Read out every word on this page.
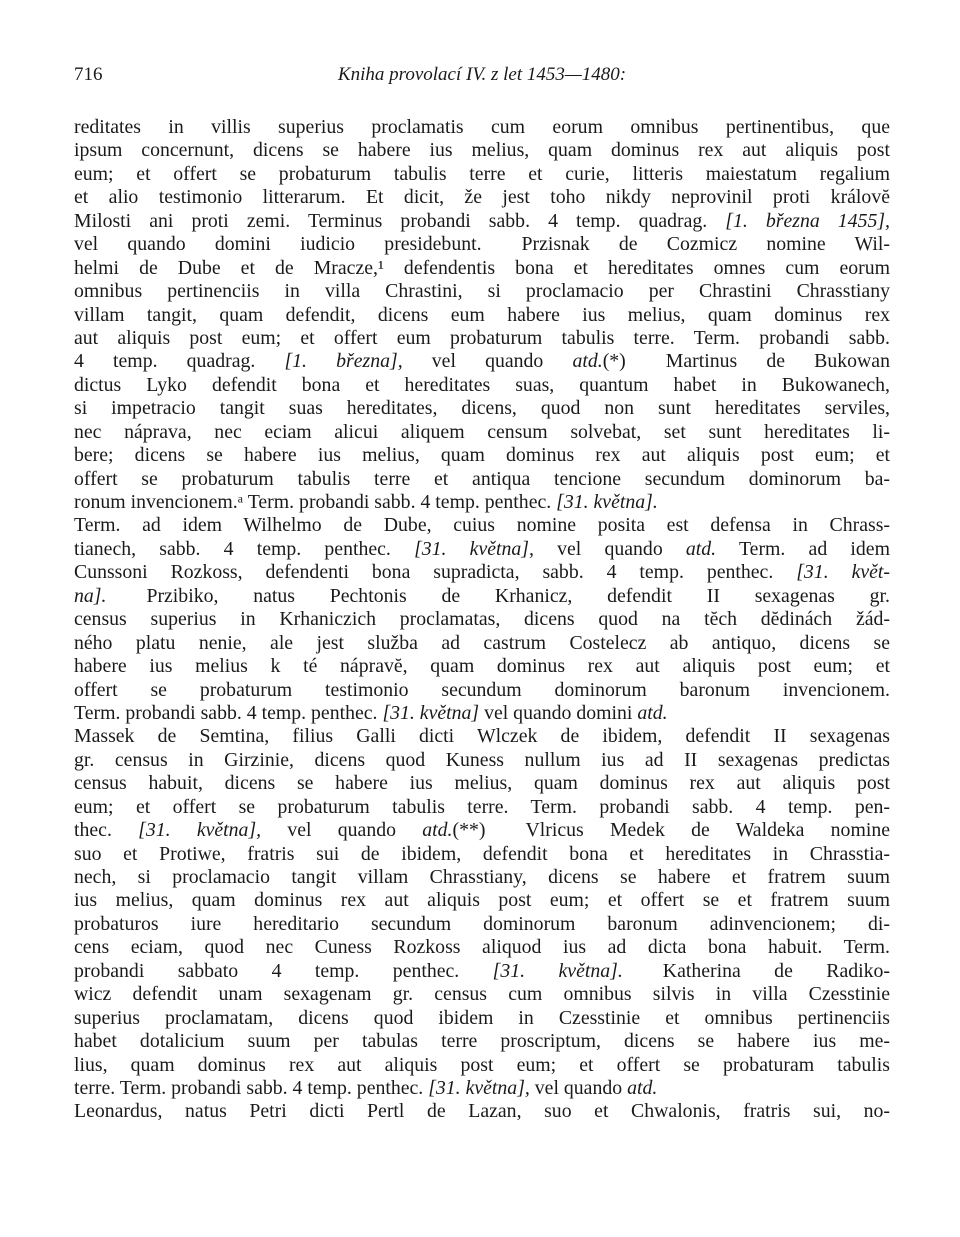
716	Kniha provolací IV. z let 1453—1480:
reditates in villis superius proclamatis cum eorum omnibus pertinentibus, que
ipsum concernunt, dicens se habere ius melius, quam dominus rex aut aliquis post
eum; et offert se probaturum tabulis terre et curie, litteris maiestatum regalium
et alio testimonio litterarum. Et dicit, že jest toho nikdy neprovinil proti královĕ
Milosti ani proti zemi. Terminus probandi sabb. 4 temp. quadrag. [1. března 1455],
vel quando domini iudicio presidebunt. Przisnak de Cozmicz nomine Wil-
helmi de Dube et de Mracze,¹ defendentis bona et hereditates omnes cum eorum
omnibus pertinenciis in villa Chrastini, si proclamacio per Chrastini Chrasstiany
villam tangit, quam defendit, dicens eum habere ius melius, quam dominus rex
aut aliquis post eum; et offert eum probaturum tabulis terre. Term. probandi sabb.
4 temp. quadrag. [1. března], vel quando atd.(*) Martinus de Bukowan
dictus Lyko defendit bona et hereditates suas, quantum habet in Bukowanech,
si impetracio tangit suas hereditates, dicens, quod non sunt hereditates serviles,
nec náprava, nec eciam alicui aliquem censum solvebat, set sunt hereditates li-
bere; dicens se habere ius melius, quam dominus rex aut aliquis post eum; et
offert se probaturum tabulis terre et antiqua tencione secundum dominorum ba-
ronum invencionem.ᵃ Term. probandi sabb. 4 temp. penthec. [31. května].
Term. ad idem Wilhelmo de Dube, cuius nomine posita est defensa in Chrass-
tianech, sabb. 4 temp. penthec. [31. května], vel quando atd. Term. ad idem
Cunssoni Rozkoss, defendenti bona supradicta, sabb. 4 temp. penthec. [31. květ-
na]. Przibiko, natus Pechtonis de Krhanicz, defendit II sexagenas gr.
census superius in Krhaniczich proclamatas, dicens quod na tĕch dĕdinách žád-
ného platu nenie, ale jest služba ad castrum Costelecz ab antiquo, dicens se
habere ius melius k té nápravĕ, quam dominus rex aut aliquis post eum; et
offert se probaturum testimonio secundum dominorum baronum invencionem.
Term. probandi sabb. 4 temp. penthec. [31. května] vel quando domini atd.
Massek de Semtina, filius Galli dicti Wlczek de ibidem, defendit II sexagenas
gr. census in Girzinie, dicens quod Kuness nullum ius ad II sexagenas predictas
census habuit, dicens se habere ius melius, quam dominus rex aut aliquis post
eum; et offert se probaturum tabulis terre. Term. probandi sabb. 4 temp. pen-
thec. [31. května], vel quando atd.(**) Vlricus Medek de Waldeka nomine
suo et Protiwe, fratris sui de ibidem, defendit bona et hereditates in Chrasstia-
nech, si proclamacio tangit villam Chrasstiany, dicens se habere et fratrem suum
ius melius, quam dominus rex aut aliquis post eum; et offert se et fratrem suum
probaturos iure hereditario secundum dominorum baronum adinvencionem; di-
cens eciam, quod nec Cuness Rozkoss aliquod ius ad dicta bona habuit. Term.
probandi sabbato 4 temp. penthec. [31. května]. Katherina de Radiko-
wicz defendit unam sexagenam gr. census cum omnibus silvis in villa Czesstinie
superius proclamatam, dicens quod ibidem in Czesstinie et omnibus pertinenciis
habet dotalicium suum per tabulas terre proscriptum, dicens se habere ius me-
lius, quam dominus rex aut aliquis post eum; et offert se probaturam tabulis
terre. Term. probandi sabb. 4 temp. penthec. [31. května], vel quando atd.
Leonardus, natus Petri dicti Pertl de Lazan, suo et Chwalonis, fratris sui, no-
